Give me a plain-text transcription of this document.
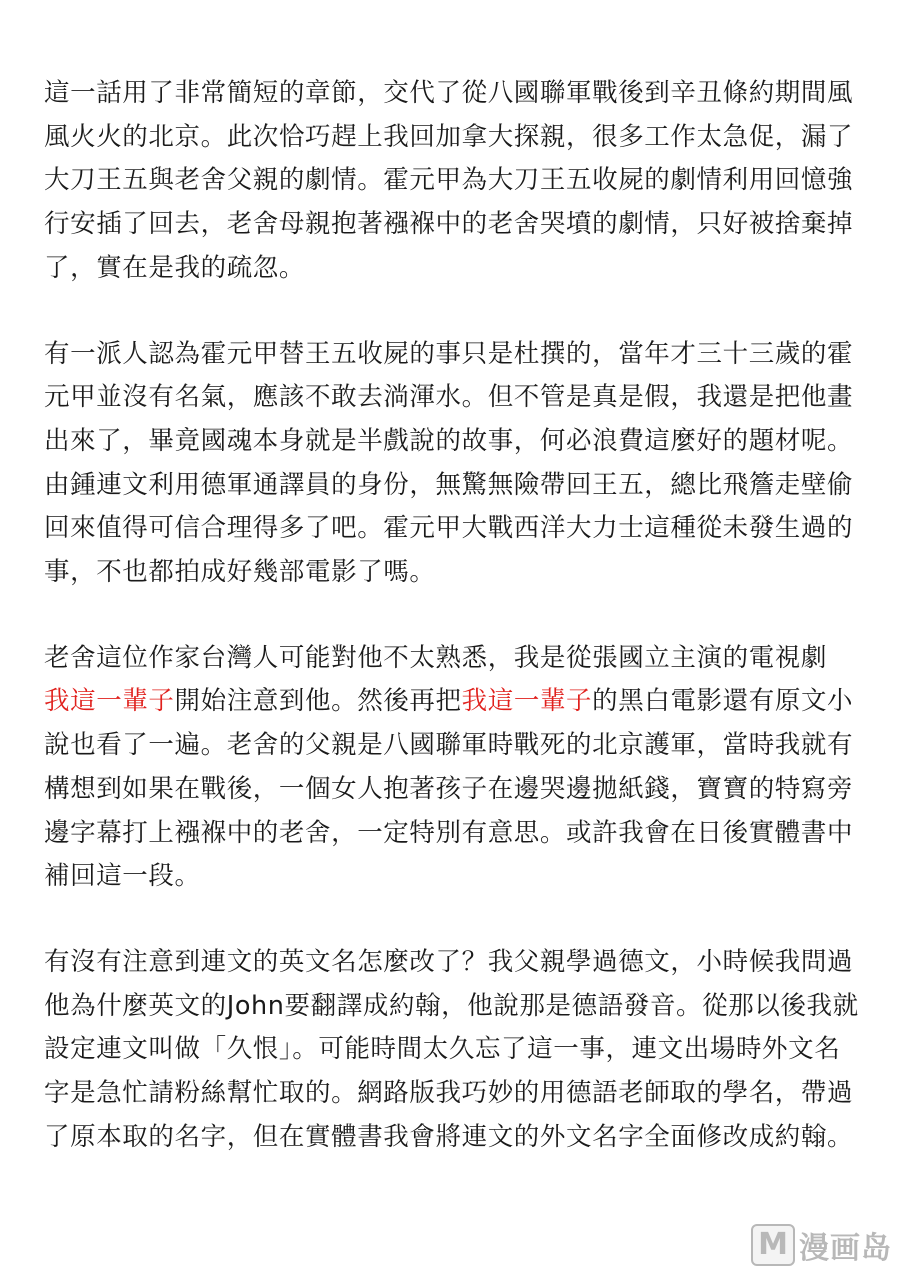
這一話用了非常簡短的章節，交代了從八國聯軍戰後到辛丑條約期間風
風火火的北京。此次恰巧趕上我回加拿大探親，很多工作太急促，漏了
大刀王五與老舍父親的劇情。霍元甲為大刀王五收屍的劇情利用回憶強
行安插了回去，老舍母親抱著襁褓中的老舍哭墳的劇情，只好被捨棄掉
了，實在是我的疏忽。

有一派人認為霍元甲替王五收屍的事只是杜撰的，當年才三十三歲的霍
元甲並沒有名氣，應該不敢去淌渾水。但不管是真是假，我還是把他畫
出來了，畢竟國魂本身就是半戲說的故事，何必浪費這麼好的題材呢。
由鍾連文利用德軍通譯員的身份，無驚無險帶回王五，總比飛簷走壁偷
回來值得可信合理得多了吧。霍元甲大戰西洋大力士這種從未發生過的
事，不也都拍成好幾部電影了嗎。

老舍這位作家台灣人可能對他不太熟悉，我是從張國立主演的電視劇
我這一輩子開始注意到他。然後再把我這一輩子的黑白電影還有原文小
說也看了一遍。老舍的父親是八國聯軍時戰死的北京護軍，當時我就有
構想到如果在戰後，一個女人抱著孩子在邊哭邊拋紙錢，寶寶的特寫旁
邊字幕打上襁褓中的老舍，一定特別有意思。或許我會在日後實體書中
補回這一段。

有沒有注意到連文的英文名怎麼改了？我父親學過德文，小時候我問過
他為什麼英文的John要翻譯成約翰，他說那是德語發音。從那以後我就
設定連文叫做「久恨」。可能時間太久忘了這一事，連文出場時外文名
字是急忙請粉絲幫忙取的。網路版我巧妙的用德語老師取的學名，帶過
了原本取的名字，但在實體書我會將連文的外文名字全面修改成約翰。

M 漫画岛
